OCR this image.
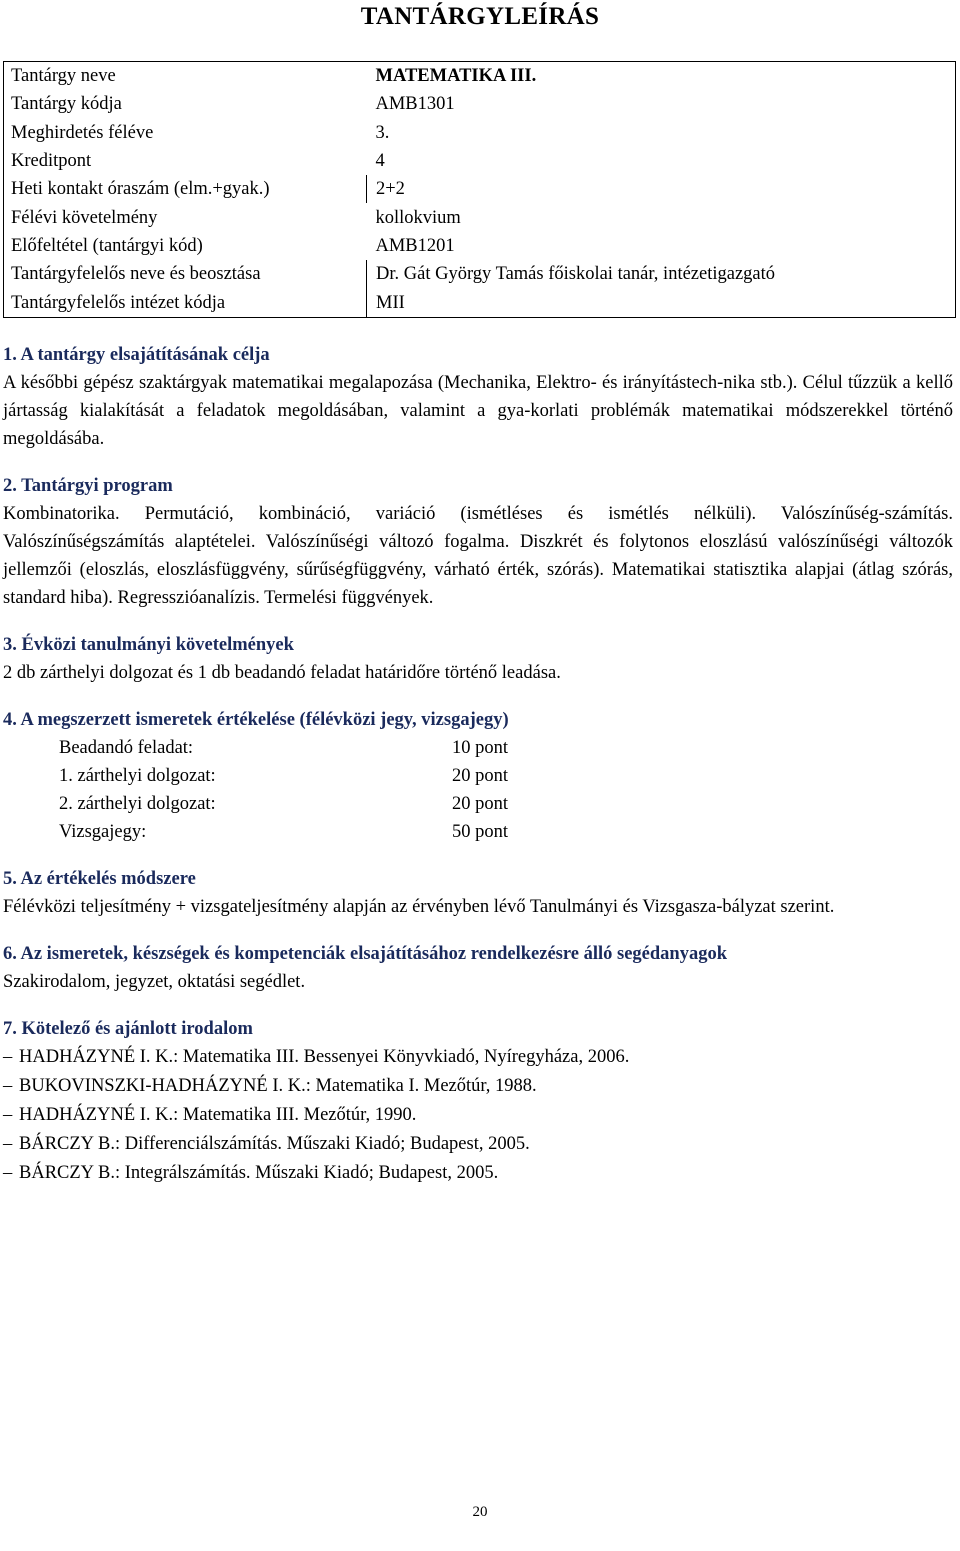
TANTÁRGYLEÍRÁS
Tantárgy neve	MATEMATIKA III.
Tantárgy kódja	AMB1301
Meghirdetés féléve	3.
Kreditpont	4
Heti kontakt óraszám (elm.+gyak.)	2+2
Félévi követelmény	kollokvium
Előfeltétel (tantárgyi kód)	AMB1201
Tantárgyfelelős neve és beosztása	Dr. Gát György Tamás főiskolai tanár, intézetigazgató
Tantárgyfelelős intézet kódja	MII
1. A tantárgy elsajátításának célja

A későbbi gépész szaktárgyak matematikai megalapozása (Mechanika, Elektro- és irányítástech-nika stb.). Célul tűzzük a kellő jártasság kialakítását a feladatok megoldásában, valamint a gya-korlati problémák matematikai módszerekkel történő megoldásába.

2. Tantárgyi program

Kombinatorika. Permutáció, kombináció, variáció (ismétléses és ismétlés nélküli). Valószínűség-számítás. Valószínűségszámítás alaptételei. Valószínűségi változó fogalma. Diszkrét és folytonos eloszlású valószínűségi változók jellemzői (eloszlás, eloszlásfüggvény, sűrűségfüggvény, várható érték, szórás). Matematikai statisztika alapjai (átlag szórás, standard hiba). Regresszióanalízis. Termelési függvények.

3. Évközi tanulmányi követelmények

2 db zárthelyi dolgozat és 1 db beadandó feladat határidőre történő leadása.

4. A megszerzett ismeretek értékelése (félévközi jegy, vizsgajegy)
Beadandó feladat:	10 pont
1. zárthelyi dolgozat:	20 pont
2. zárthelyi dolgozat:	20 pont
Vizsgajegy:	50 pont
5. Az értékelés módszere

Félévközi teljesítmény + vizsgateljesítmény alapján az érvényben lévő Tanulmányi és Vizsgasza-bályzat szerint.

6. Az ismeretek, készségek és kompetenciák elsajátításához rendelkezésre álló segédanyagok

Szakirodalom, jegyzet, oktatási segédlet.

7. Kötelező és ajánlott irodalom
– HADHÁZYNÉ I. K.: Matematika III. Bessenyei Könyvkiadó, Nyíregyháza, 2006.
– BUKOVINSZKI-HADHÁZYNÉ I. K.: Matematika I. Mezőtúr, 1988.
– HADHÁZYNÉ I. K.: Matematika III. Mezőtúr, 1990.
– BÁRCZY B.: Differenciálszámítás. Műszaki Kiadó; Budapest, 2005.
– BÁRCZY B.: Integrálszámítás. Műszaki Kiadó; Budapest, 2005.
20
